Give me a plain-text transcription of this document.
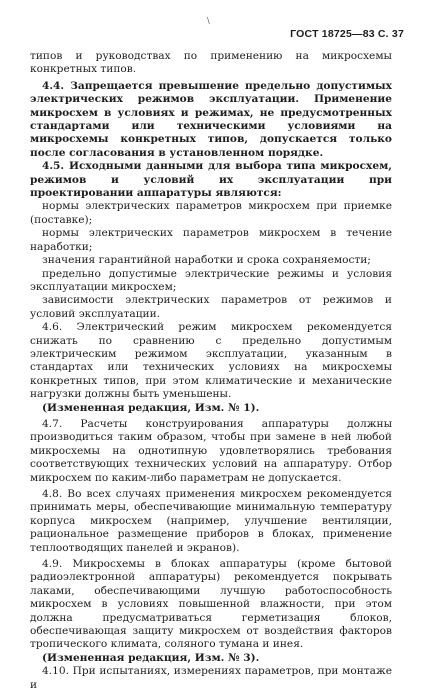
\
ГОСТ 18725—83 С. 37

типов и руководствах по применению на микросхемы конкретных типов.

4.4. Запрещается превышение предельно допустимых электрических режимов эксплуатации. Применение микросхем в условиях и режимах, не предусмотренных стандартами или техническими условиями на микросхемы конкретных типов, допускается только после согласования в установленном порядке.

4.5. Исходными данными для выбора типа микросхем, режимов и условий их эксплуатации при проектировании аппаратуры являются:

нормы электрических параметров микросхем при приемке (поставке);

нормы электрических параметров микросхем в течение наработки;

значения гарантийной наработки и срока сохраняемости;

предельно допустимые электрические режимы и условия эксплуатации микросхем;

зависимости электрических параметров от режимов и условий эксплуатации.

4.6. Электрический режим микросхем рекомендуется снижать по сравнению с предельно допустимым электрическим режимом эксплуатации, указанным в стандартах или технических условиях на микросхемы конкретных типов, при этом климатические и механические нагрузки должны быть уменьшены.

(Измененная редакция, Изм. № 1).

4.7. Расчеты конструирования аппаратуры должны производиться таким образом, чтобы при замене в ней любой микросхемы на однотипную удовлетворялись требования соответствующих технических условий на аппаратуру. Отбор микросхем по каким-либо параметрам не допускается.

4.8. Во всех случаях применения микросхем рекомендуется принимать меры, обеспечивающие минимальную температуру корпуса микросхем (например, улучшение вентиляции, рациональное размещение приборов в блоках, применение теплоотводящих панелей и экранов).

4.9. Микросхемы в блоках аппаратуры (кроме бытовой радиоэлектронной аппаратуры) рекомендуется покрывать лаками, обеспечивающими лучшую работоспособность микросхем в условиях повышенной влажности, при этом должна предусматриваться герметизация блоков, обеспечивающая защиту микросхем от воздействия факторов тропического климата, соляного тумана и инея.

(Измененная редакция, Изм. № 3).

4.10. При испытаниях, измерениях параметров, при монтаже и
